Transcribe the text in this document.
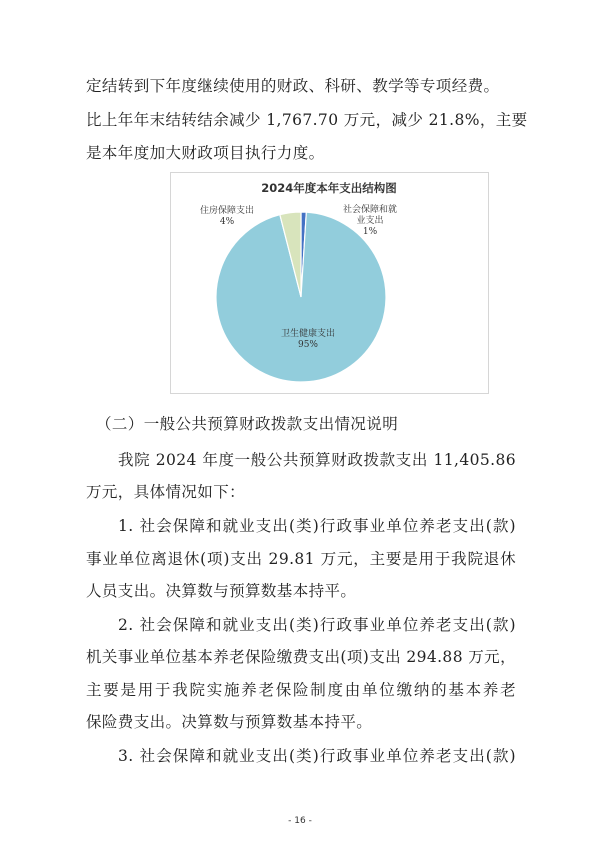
定结转到下年度继续使用的财政、科研、教学等专项经费。
比上年年末结转结余减少 1,767.70 万元，减少 21.8%，主要
是本年度加大财政项目执行力度。
2024年度本年支出结构图
社会保障和就
业支出
1%
卫生健康支出
95%
住房保障支出
4%
（二）一般公共预算财政拨款支出情况说明
我院 2024 年度一般公共预算财政拨款支出 11,405.86
万元，具体情况如下：
1. 社会保障和就业支出(类)行政事业单位养老支出(款)
事业单位离退休(项)支出 29.81 万元，主要是用于我院退休
人员支出。决算数与预算数基本持平。
2. 社会保障和就业支出(类)行政事业单位养老支出(款)
机关事业单位基本养老保险缴费支出(项)支出 294.88 万元，
主要是用于我院实施养老保险制度由单位缴纳的基本养老
保险费支出。决算数与预算数基本持平。
3. 社会保障和就业支出(类)行政事业单位养老支出(款)
- 16 -
